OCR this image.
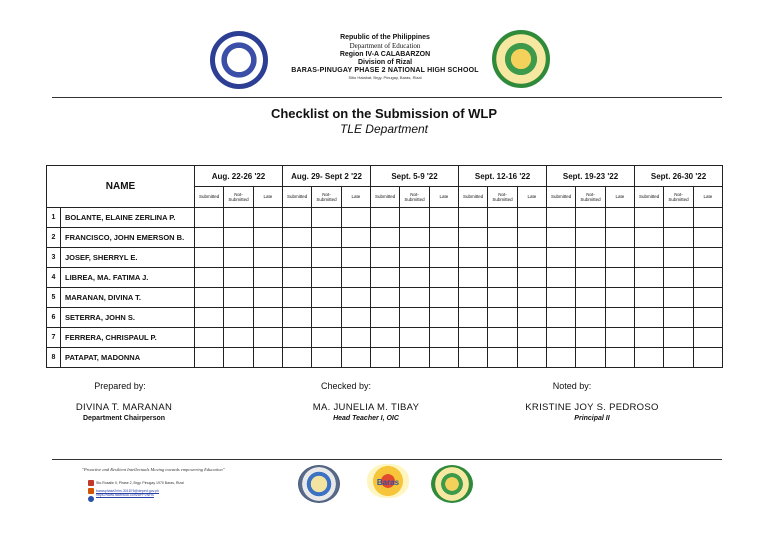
Republic of the Philippines
Department of Education
Region IV-A CALABARZON
Division of Rizal
BARAS-PINUGAY PHASE 2 NATIONAL HIGH SCHOOL
Sitio Halabat, Brgy. Pinugay, Baras, Rizal
Checklist on the Submission of WLP
TLE Department
NAME		Aug. 22-26 '22			Aug. 29- Sept 2 '22			Sept. 5-9 '22			Sept. 12-16 '22			Sept. 19-23 '22			Sept. 26-30 '22		
		Submitted	Not-Submitted	Late	Submitted	Not-Submitted	Late	Submitted	Not-Submitted	Late	Submitted	Not-Submitted	Late	Submitted	Not-Submitted	Late	Submitted	Not-Submitted	Late
1	BOLANTE, ELAINE ZERLINA P.																		
2	FRANCISCO, JOHN EMERSON B.																		
3	JOSEF, SHERRYL E.																		
4	LIBREA, MA. FATIMA J.																		
5	MARANAN, DIVINA T.																		
6	SETERRA, JOHN S.																		
7	FERRERA, CHRISPAUL P.																		
8	PATAPAT, MADONNA																		
Prepared by:
DIVINA T. MARANAN
Department Chairperson
Checked by:
MA. JUNELIA M. TIBAY
Head Teacher I, OIC
Noted by:
KRISTINE JOY S. PEDROSO
Principal II
"Proactive and Resilient Intellectuals Moving towards empowering Education"
Sto.Rosalie II, Phase 2, Brgy. Pinugay 1970 Baras, Rizal
barasphase2nhs.301876@deped.gov.ph
https://www.facebook.com/BPP2NHS
Baras
